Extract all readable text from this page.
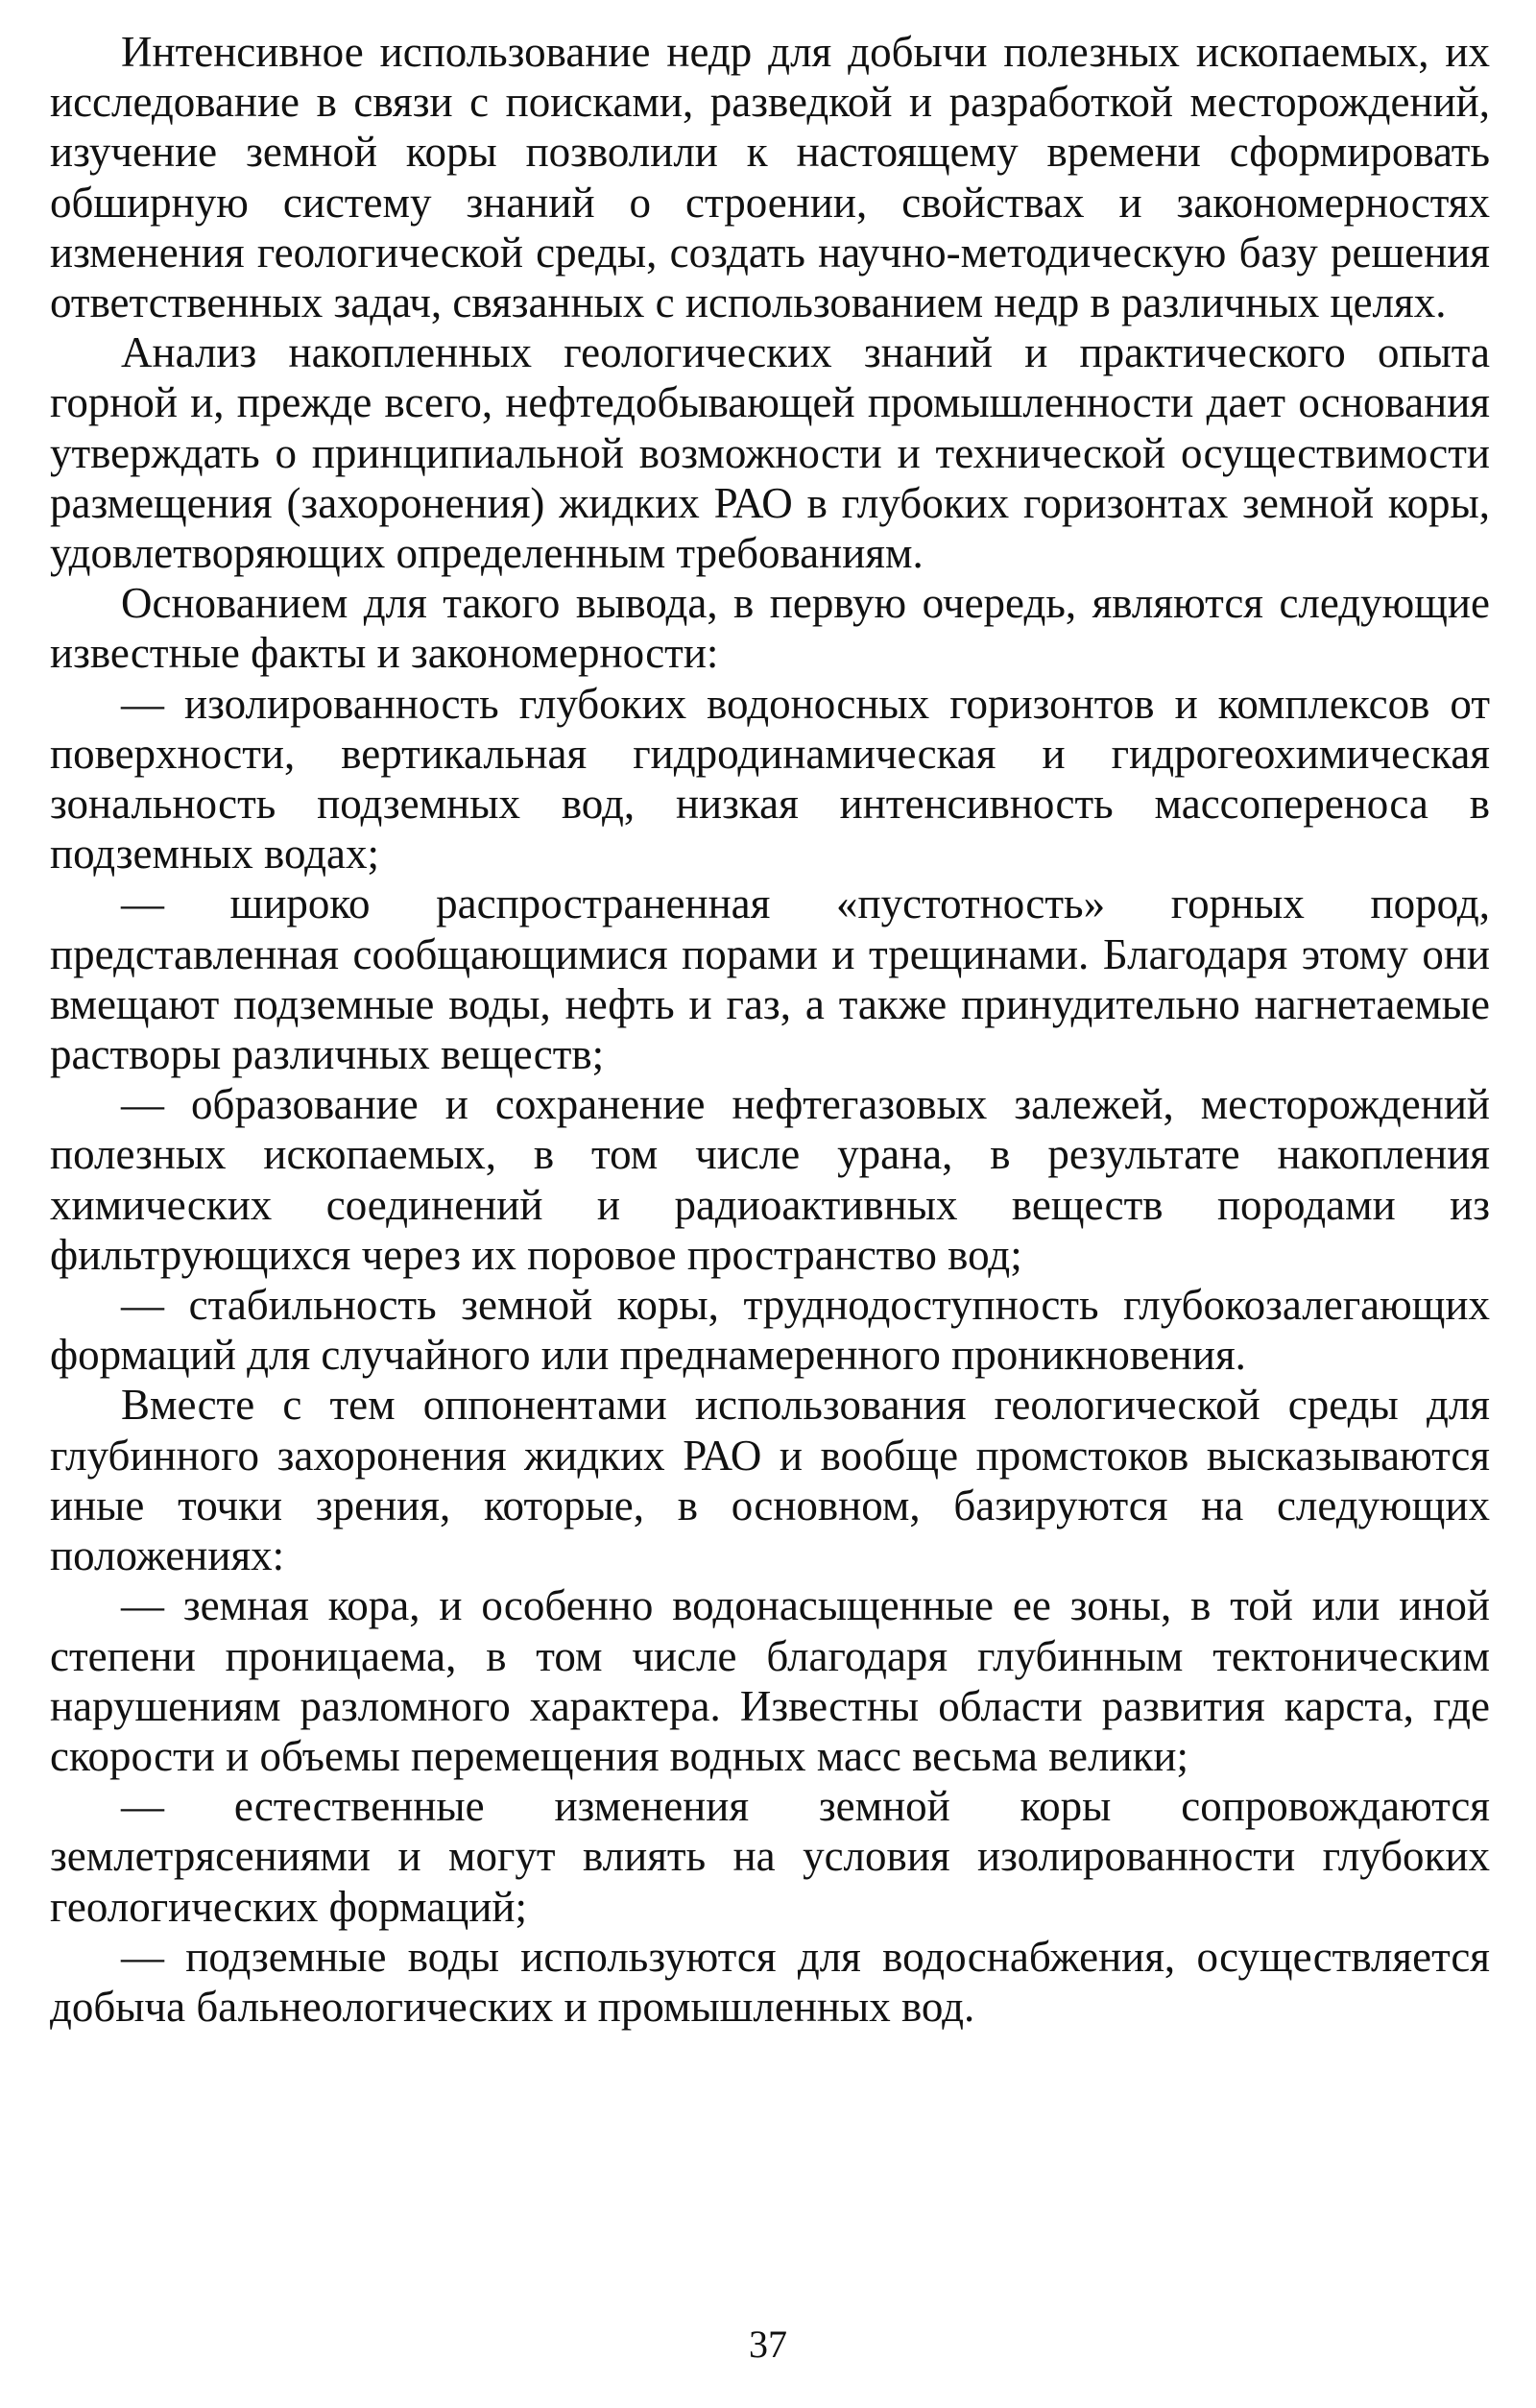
Интенсивное использование недр для добычи полезных ископаемых, их исследование в связи с поисками, разведкой и разработкой месторождений, изучение земной коры позволили к настоящему времени сформировать обширную систему знаний о строении, свойствах и закономерностях изменения геологической среды, создать научно-методическую базу решения ответственных задач, связанных с использованием недр в различных целях.

Анализ накопленных геологических знаний и практического опыта горной и, прежде всего, нефтедобывающей промышленности дает основания утверждать о принципиальной возможности и технической осуществимости размещения (захоронения) жидких РАО в глубоких горизонтах земной коры, удовлетворяющих определенным требованиям.

Основанием для такого вывода, в первую очередь, являются следующие известные факты и закономерности:

— изолированность глубоких водоносных горизонтов и комплексов от поверхности, вертикальная гидродинамическая и гидрогеохимическая зональность подземных вод, низкая интенсивность массопереноса в подземных водах;

— широко распространенная «пустотность» горных пород, представленная сообщающимися порами и трещинами. Благодаря этому они вмещают подземные воды, нефть и газ, а также принудительно нагнетаемые растворы различных веществ;

— образование и сохранение нефтегазовых залежей, месторождений полезных ископаемых, в том числе урана, в результате накопления химических соединений и радиоактивных веществ породами из фильтрующихся через их поровое пространство вод;

— стабильность земной коры, труднодоступность глубокозалегающих формаций для случайного или преднамеренного проникновения.

Вместе с тем оппонентами использования геологической среды для глубинного захоронения жидких РАО и вообще промстоков высказываются иные точки зрения, которые, в основном, базируются на следующих положениях:

— земная кора, и особенно водонасыщенные ее зоны, в той или иной степени проницаема, в том числе благодаря глубинным тектоническим нарушениям разломного характера. Известны области развития карста, где скорости и объемы перемещения водных масс весьма велики;

— естественные изменения земной коры сопровождаются землетрясениями и могут влиять на условия изолированности глубоких геологических формаций;

— подземные воды используются для водоснабжения, осуществляется добыча бальнеологических и промышленных вод.

37
